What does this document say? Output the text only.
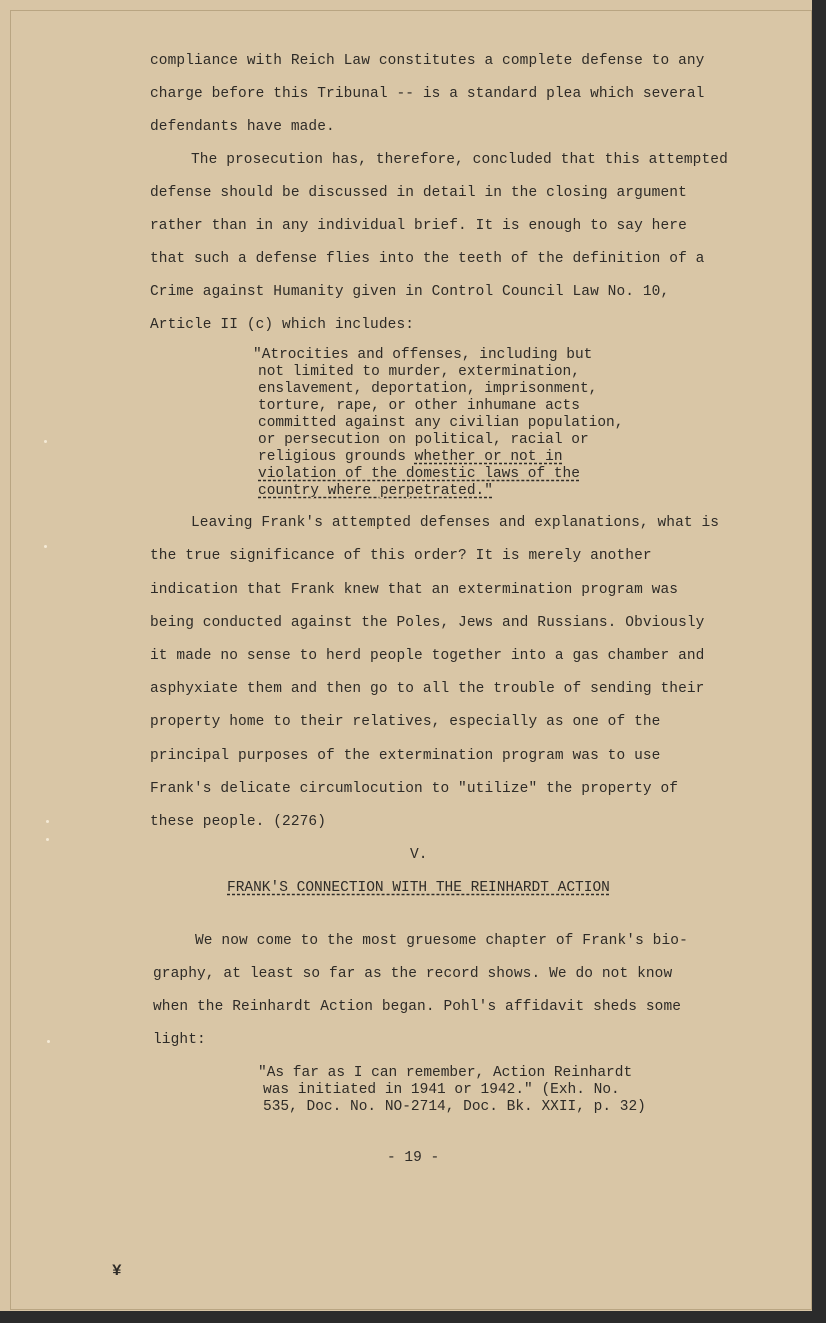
compliance with Reich Law constitutes a complete defense to any
charge before this Tribunal -- is a standard plea which several
defendants have made.
The prosecution has, therefore, concluded that this attempted
defense should be discussed in detail in the closing argument
rather than in any individual brief. It is enough to say here
that such a defense flies into the teeth of the definition of a
Crime against Humanity given in Control Council Law No. 10,
Article II (c) which includes:
"Atrocities and offenses, including but
not limited to murder, extermination,
enslavement, deportation, imprisonment,
torture, rape, or other inhumane acts
committed against any civilian population,
or persecution on political, racial or
religious grounds whether or not in
violation of the domestic laws of the
country where perpetrated."
Leaving Frank's attempted defenses and explanations, what is
the true significance of this order? It is merely another
indication that Frank knew that an extermination program was
being conducted against the Poles, Jews and Russians. Obviously
it made no sense to herd people together into a gas chamber and
asphyxiate them and then go to all the trouble of sending their
property home to their relatives, especially as one of the
principal purposes of the extermination program was to use
Frank's delicate circumlocution to "utilize" the property of
these people. (2276)
V.
FRANK'S CONNECTION WITH THE REINHARDT ACTION
We now come to the most gruesome chapter of Frank's bio-
graphy, at least so far as the record shows. We do not know
when the Reinhardt Action began. Pohl's affidavit sheds some
light:
"As far as I can remember, Action Reinhardt
was initiated in 1941 or 1942." (Exh. No.
535, Doc. No. NO-2714, Doc. Bk. XXII, p. 32)
- 19 -
¥
